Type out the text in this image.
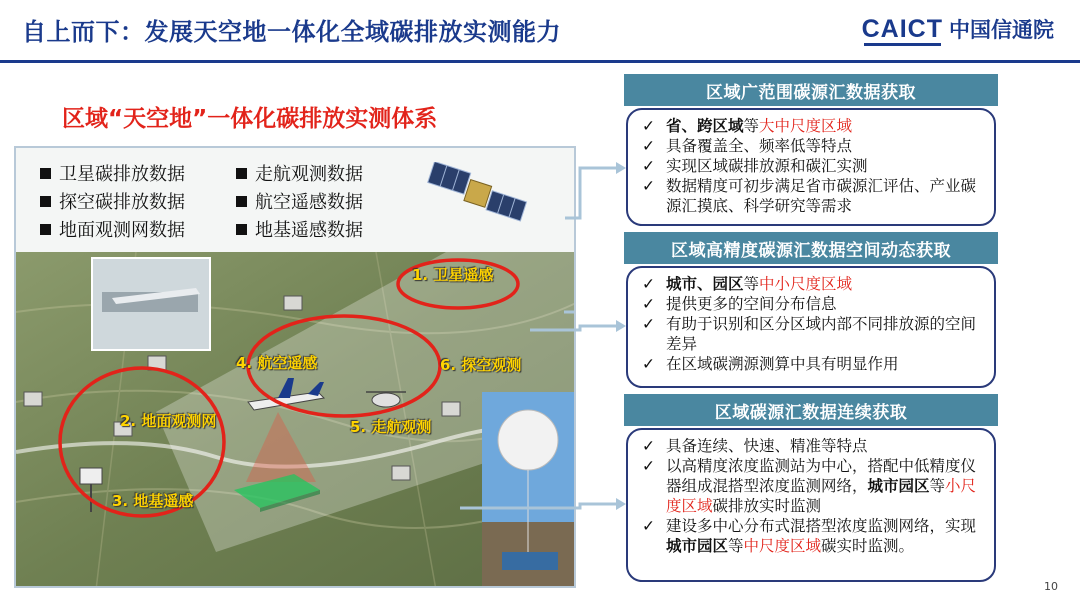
自上而下：发展天空地一体化全域碳排放实测能力	CAICT 中国信通院
区域“天空地”一体化碳排放实测体系
卫星碳排放数据	走航观测数据
探空碳排放数据	航空遥感数据
地面观测网数据	地基遥感数据
1. 卫星遥感
4. 航空遥感	6. 探空观测
2. 地面观测网	5. 走航观测
3. 地基遥感
区域广范围碳源汇数据获取
✓ 省、跨区域等大中尺度区域
✓ 具备覆盖全、频率低等特点
✓ 实现区域碳排放源和碳汇实测
✓ 数据精度可初步满足省市碳源汇评估、产业碳源汇摸底、科学研究等需求
区域高精度碳源汇数据空间动态获取
✓ 城市、园区等中小尺度区域
✓ 提供更多的空间分布信息
✓ 有助于识别和区分区域内部不同排放源的空间差异
✓ 在区域碳溯源测算中具有明显作用
区域碳源汇数据连续获取
✓ 具备连续、快速、精准等特点
✓ 以高精度浓度监测站为中心，搭配中低精度仪器组成混搭型浓度监测网络，城市园区等小尺度区域碳排放实时监测
✓ 建设多中心分布式混搭型浓度监测网络，实现城市园区等中尺度区域碳实时监测。
10
